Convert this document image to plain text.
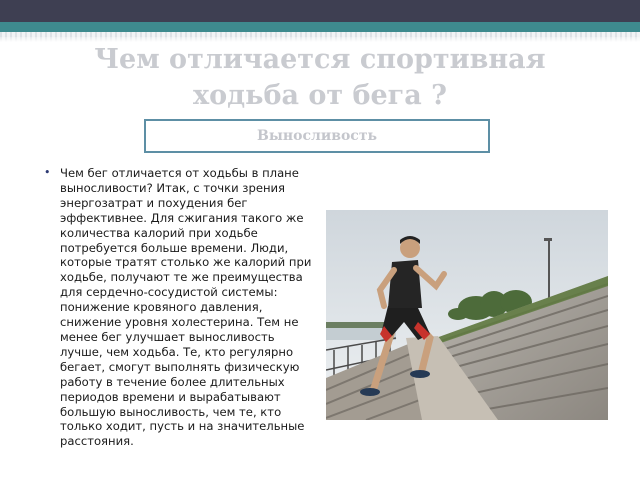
Чем отличается спортивная
ходьба от бега ?
Выносливость
• Чем бег отличается от ходьбы в плане выносливости? Итак, с точки зрения энергозатрат и похудения бег эффективнее. Для сжигания такого же количества калорий при ходьбе потребуется больше времени. Люди, которые тратят столько же калорий при ходьбе, получают те же преимущества для сердечно-сосудистой системы: понижение кровяного давления, снижение уровня холестерина. Тем не менее бег улучшает выносливость лучше, чем ходьба. Те, кто регулярно бегает, смогут выполнять физическую работу в течение более длительных периодов времени и вырабатывают большую выносливость, чем те, кто только ходит, пусть и на значительные расстояния.
